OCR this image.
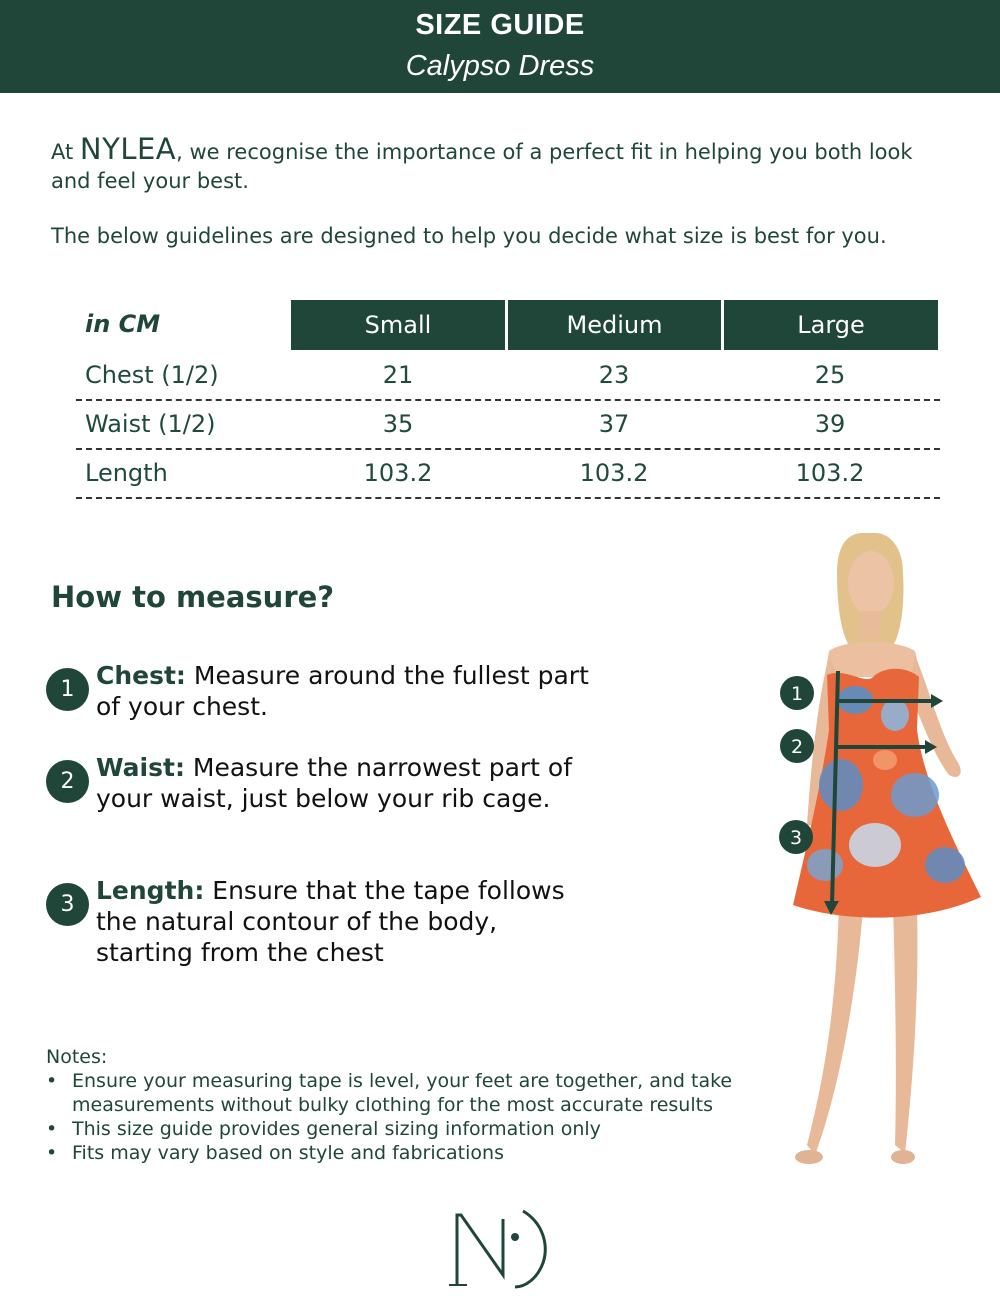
SIZE GUIDE
Calypso Dress
At NYLEA, we recognise the importance of a perfect fit in helping you both look and feel your best.
The below guidelines are designed to help you decide what size is best for you.
in CM	Small	Medium	Large
Chest (1/2)	21	23	25
Waist (1/2)	35	37	39
Length	103.2	103.2	103.2
How to measure?
1 Chest: Measure around the fullest part of your chest.
2 Waist: Measure the narrowest part of your waist, just below your rib cage.
3 Length: Ensure that the tape follows the natural contour of the body, starting from the chest
Notes:
• Ensure your measuring tape is level, your feet are together, and take measurements without bulky clothing for the most accurate results
• This size guide provides general sizing information only
• Fits may vary based on style and fabrications
1
2
3
